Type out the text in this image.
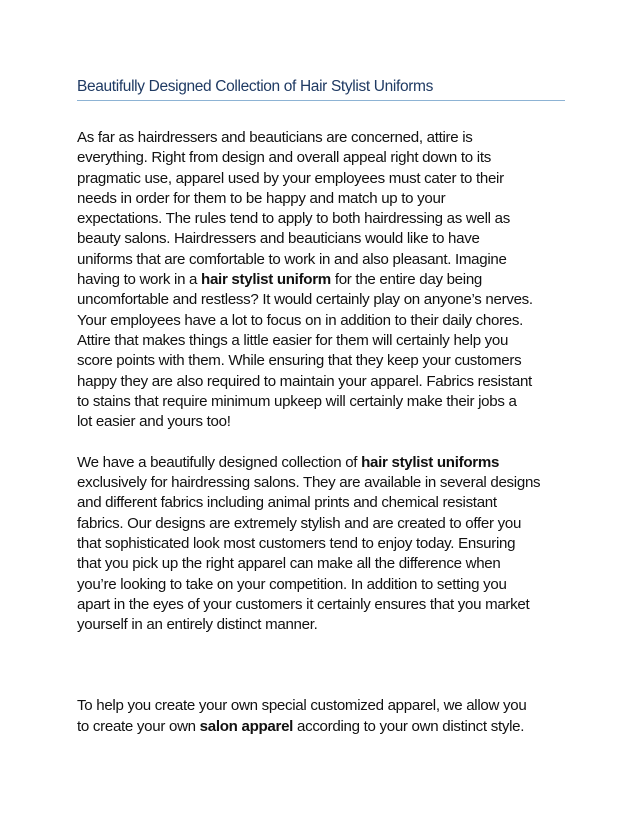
Beautifully Designed Collection of Hair Stylist Uniforms
As far as hairdressers and beauticians are concerned, attire is
everything. Right from design and overall appeal right down to its
pragmatic use, apparel used by your employees must cater to their
needs in order for them to be happy and match up to your
expectations. The rules tend to apply to both hairdressing as well as
beauty salons. Hairdressers and beauticians would like to have
uniforms that are comfortable to work in and also pleasant. Imagine
having to work in a hair stylist uniform for the entire day being
uncomfortable and restless? It would certainly play on anyone’s nerves.
Your employees have a lot to focus on in addition to their daily chores.
Attire that makes things a little easier for them will certainly help you
score points with them. While ensuring that they keep your customers
happy they are also required to maintain your apparel. Fabrics resistant
to stains that require minimum upkeep will certainly make their jobs a
lot easier and yours too!
We have a beautifully designed collection of hair stylist uniforms
exclusively for hairdressing salons. They are available in several designs
and different fabrics including animal prints and chemical resistant
fabrics. Our designs are extremely stylish and are created to offer you
that sophisticated look most customers tend to enjoy today. Ensuring
that you pick up the right apparel can make all the difference when
you’re looking to take on your competition. In addition to setting you
apart in the eyes of your customers it certainly ensures that you market
yourself in an entirely distinct manner.
To help you create your own special customized apparel, we allow you
to create your own salon apparel according to your own distinct style.
